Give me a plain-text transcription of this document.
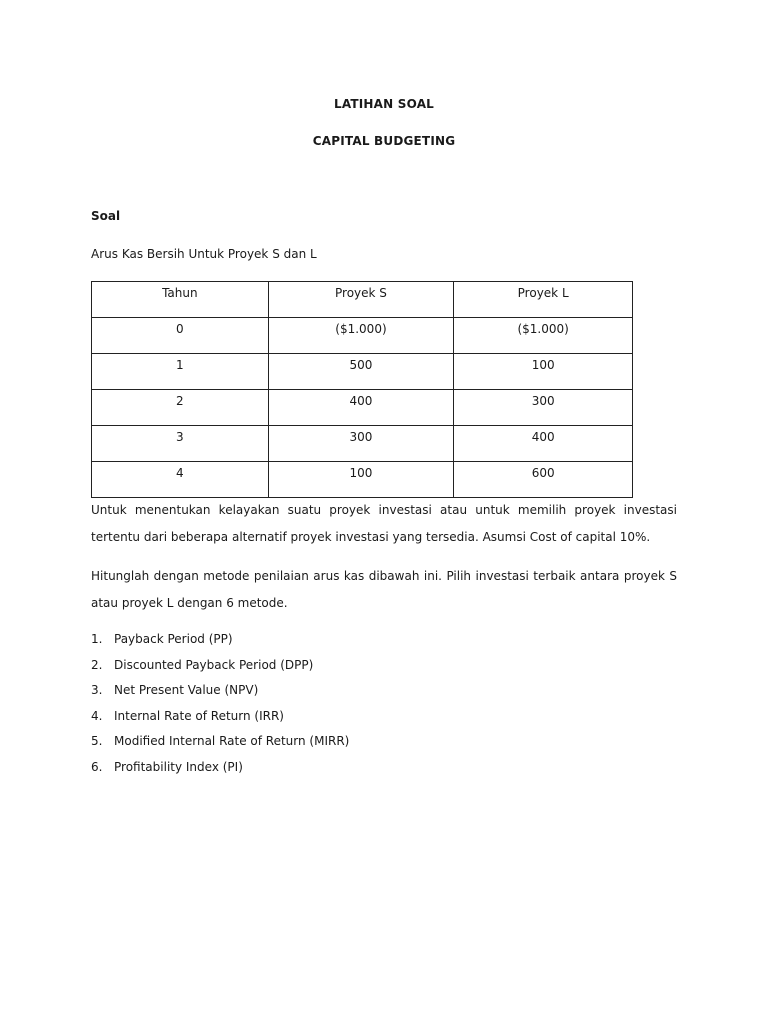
LATIHAN SOAL
CAPITAL BUDGETING
Soal
Arus Kas Bersih Untuk Proyek S dan L
Tahun	Proyek S	Proyek L
0	($1.000)	($1.000)
1	500	100
2	400	300
3	300	400
4	100	600

Untuk menentukan kelayakan suatu proyek investasi atau untuk memilih proyek investasi tertentu dari beberapa alternatif proyek investasi yang tersedia. Asumsi Cost of capital 10%.

Hitunglah dengan metode penilaian arus kas dibawah ini. Pilih investasi terbaik antara proyek S atau proyek L dengan 6 metode.

1. Payback Period (PP)
2. Discounted Payback Period (DPP)
3. Net Present Value (NPV)
4. Internal Rate of Return (IRR)
5. Modified Internal Rate of Return (MIRR)
6. Profitability Index (PI)
